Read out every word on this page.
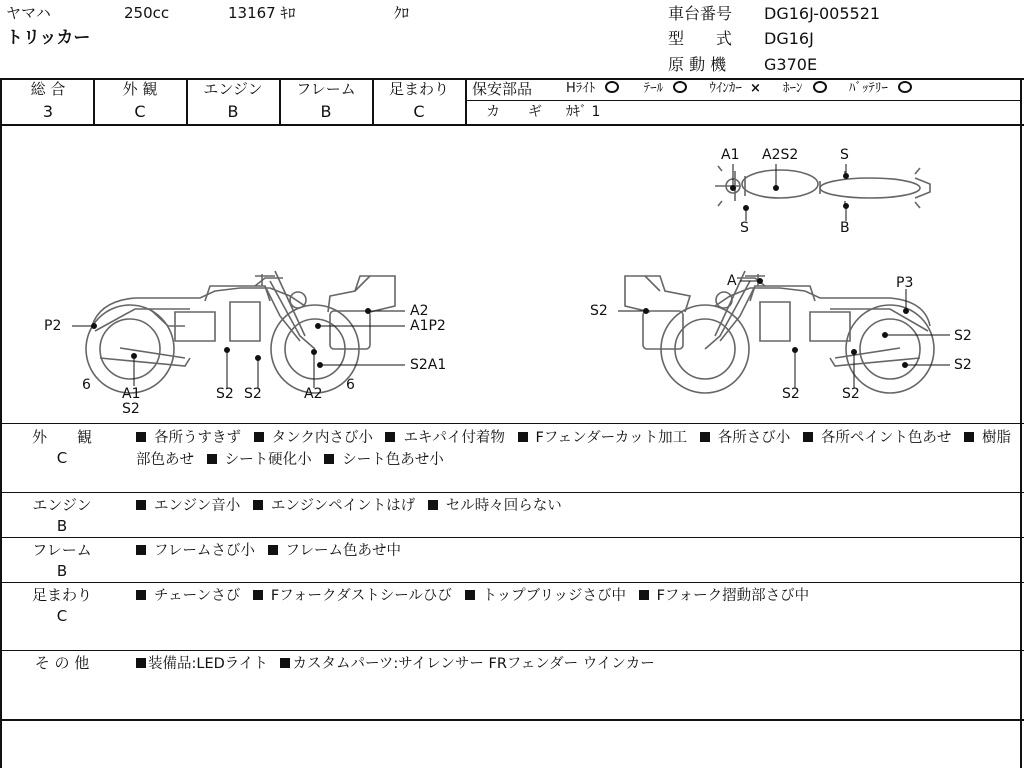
ヤマハ	250cc	13167 ｷﾛ	ｸﾛ
トリッカー
車台番号 DG16J-005521
型　　式 DG16J
原 動 機 G370E
総 合
3
外 観
C
エンジン
B
フレーム
B
足まわり
C
保安部品	Hﾗｲﾄ	ﾃｰﾙ	ｳｲﾝｶｰ × ﾎｰﾝ	ﾊﾞｯﾃﾘｰ
カ　　ギ ｶｷﾞ 1
P2
6
A1
S2
S2 S2	A2
6
S2A1
A2
A1P2
S2
A	P3
S2
S2
S2	S2
A1 A2S2	S
S	B
外　　観
C
各所うすきず タンク内さび小 エキパイ付着物 Fフェンダーカット加工 各所さび小 各所ペイント色あせ 樹脂部色あせ シート硬化小 シート色あせ小
エンジン
B
エンジン音小 エンジンペイントはげ セル時々回らない
フレーム
B
フレームさび小 フレーム色あせ中
足まわり
C
チェーンさび Fフォークダストシールひび トップブリッジさび中 Fフォーク摺動部さび中
そ の 他	装備品:LEDライト カスタムパーツ:サイレンサー FRフェンダー ウインカー
